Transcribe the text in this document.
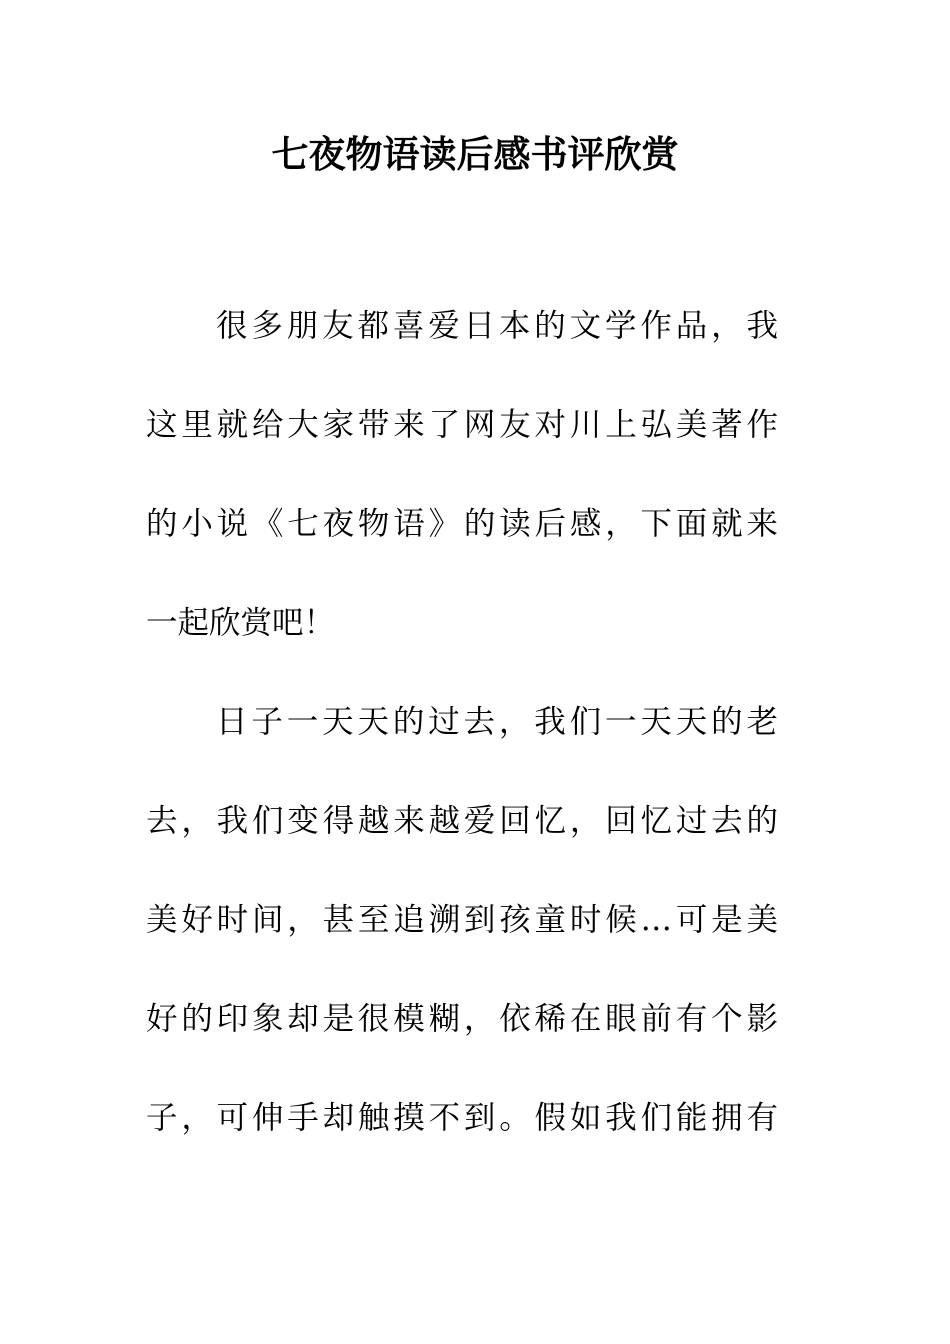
七夜物语读后感书评欣赏
很多朋友都喜爱日本的文学作品，我
这里就给大家带来了网友对川上弘美著作
的小说《七夜物语》的读后感，下面就来
一起欣赏吧！
日子一天天的过去，我们一天天的老
去，我们变得越来越爱回忆，回忆过去的
美好时间，甚至追溯到孩童时候…可是美
好的印象却是很模糊，依稀在眼前有个影
子，可伸手却触摸不到。假如我们能拥有
